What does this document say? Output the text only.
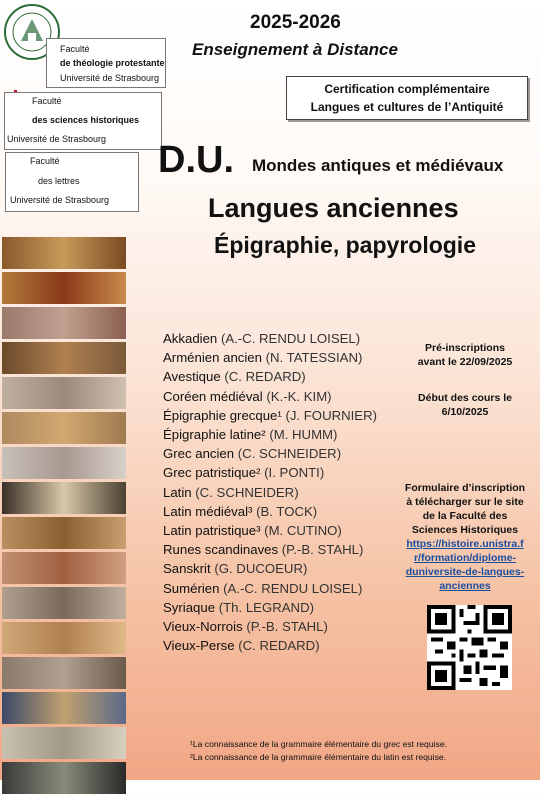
Faculté
de théologie protestante
Université de Strasbourg
Faculté
des sciences historiques
Université de Strasbourg
Faculté
des lettres
Université de Strasbourg
2025-2026
Enseignement à Distance
Certification complémentaire
Langues et cultures de l’Antiquité
D.U. Mondes antiques et médiévaux
Langues anciennes
Épigraphie, papyrologie
Akkadien (A.-C. RENDU LOISEL)
Arménien ancien (N. TATESSIAN)
Avestique (C. REDARD)
Coréen médiéval (K.-K. KIM)
Épigraphie grecque¹ (J. FOURNIER)
Épigraphie latine² (M. HUMM)
Grec ancien (C. SCHNEIDER)
Grec patristique² (I. PONTI)
Latin (C. SCHNEIDER)
Latin médiéval³ (B. TOCK)
Latin patristique³ (M. CUTINO)
Runes scandinaves (P.-B. STAHL)
Sanskrit (G. DUCOEUR)
Sumérien (A.-C. RENDU LOISEL)
Syriaque (Th. LEGRAND)
Vieux-Norrois (P.-B. STAHL)
Vieux-Perse (C. REDARD)
Pré-inscriptions
avant le 22/09/2025
Début des cours le
6/10/2025
Formulaire d’inscription
à télécharger sur le site
de la Faculté des
Sciences Historiques
https://histoire.unistra.f
r/formation/diplome-
duniversite-de-langues-
anciennes
¹La connaissance de la grammaire élémentaire du grec est requise.
²La connaissance de la grammaire élémentaire du latin est requise.
